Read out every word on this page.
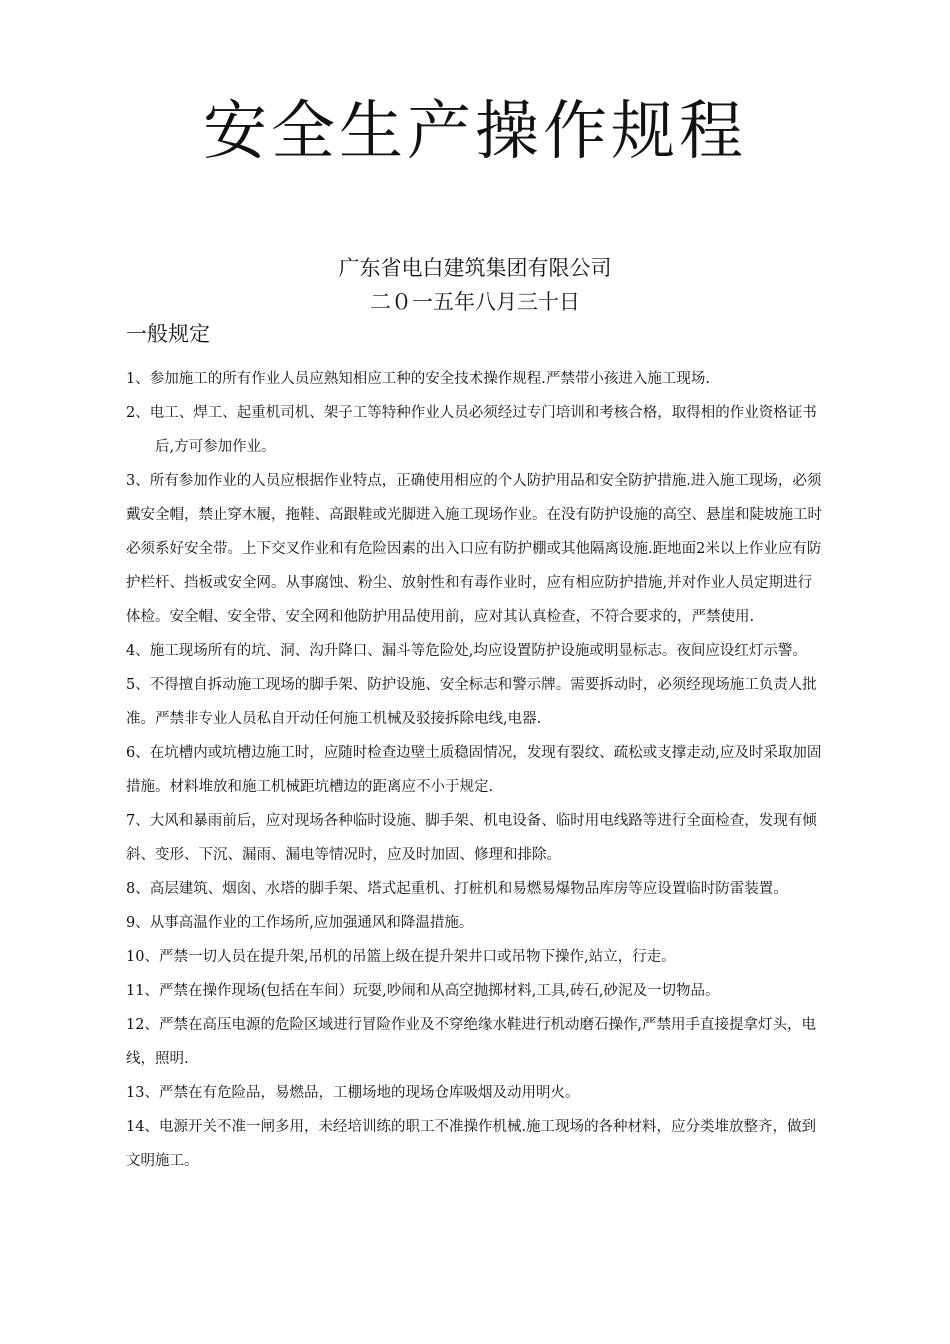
安全生产操作规程
广东省电白建筑集团有限公司
二０一五年八月三十日
一般规定
1、参加施工的所有作业人员应熟知相应工种的安全技术操作规程.严禁带小孩进入施工现场.
2、电工、焊工、起重机司机、架子工等特种作业人员必须经过专门培训和考核合格，取得相的作业资格证书后,方可参加作业。
3、所有参加作业的人员应根据作业特点，正确使用相应的个人防护用品和安全防护措施.进入施工现场，必须戴安全帽，禁止穿木履，拖鞋、高跟鞋或光脚进入施工现场作业。在没有防护设施的高空、悬崖和陡坡施工时必须系好安全带。上下交叉作业和有危险因素的出入口应有防护棚或其他隔离设施.距地面2米以上作业应有防护栏杆、挡板或安全网。从事腐蚀、粉尘、放射性和有毒作业时，应有相应防护措施,并对作业人员定期进行体检。安全帽、安全带、安全网和他防护用品使用前，应对其认真检查，不符合要求的，严禁使用.
4、施工现场所有的坑、洞、沟升降口、漏斗等危险处,均应设置防护设施或明显标志。夜间应设红灯示警。
5、不得擅自拆动施工现场的脚手架、防护设施、安全标志和警示牌。需要拆动时，必须经现场施工负责人批准。严禁非专业人员私自开动任何施工机械及驳接拆除电线,电器.
6、在坑槽内或坑槽边施工时，应随时检查边壁土质稳固情况，发现有裂纹、疏松或支撑走动,应及时采取加固措施。材料堆放和施工机械距坑槽边的距离应不小于规定.
7、大风和暴雨前后，应对现场各种临时设施、脚手架、机电设备、临时用电线路等进行全面检查，发现有倾斜、变形、下沉、漏雨、漏电等情况时，应及时加固、修理和排除。
8、高层建筑、烟囱、水塔的脚手架、塔式起重机、打桩机和易燃易爆物品库房等应设置临时防雷装置。
9、从事高温作业的工作场所,应加强通风和降温措施。
10、严禁一切人员在提升架,吊机的吊篮上级在提升架井口或吊物下操作,站立，行走。
11、严禁在操作现场(包括在车间）玩耍,吵闹和从高空抛掷材料,工具,砖石,砂泥及一切物品。
12、严禁在高压电源的危险区域进行冒险作业及不穿绝缘水鞋进行机动磨石操作,严禁用手直接提拿灯头，电线，照明.
13、严禁在有危险品，易燃品，工棚场地的现场仓库吸烟及动用明火。
14、电源开关不准一闸多用，未经培训练的职工不准操作机械.施工现场的各种材料，应分类堆放整齐，做到文明施工。
